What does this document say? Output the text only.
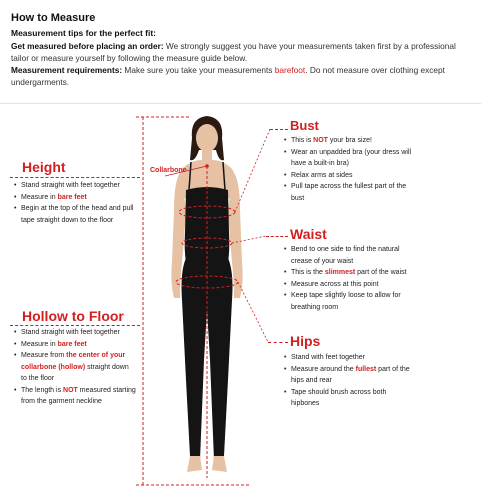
How to Measure
Measurement tips for the perfect fit:

Get measured before placing an order: We strongly suggest you have your measurements taken first by a professional tailor or measure yourself by following the measure guide below.

Measurement requirements: Make sure you take your measurements barefoot. Do not measure over clothing except undergarments.

Collarbone
Height
• Stand straight with feet together
• Measure in bare feet
• Begin at the top of the head and pull tape straight down to the floor
Hollow to Floor
• Stand straight with feet together
• Measure in bare feet
• Measure from the center of your collarbone (hollow) straight down to the floor
• The length is NOT measured starting from the garment neckline
Bust
• This is NOT your bra size!
• Wear an unpadded bra (your dress will have a built-in bra)
• Relax arms at sides
• Pull tape across the fullest part of the bust
Waist
• Bend to one side to find the natural crease of your waist
• This is the slimmest part of the waist
• Measure across at this point
• Keep tape slightly loose to allow for breathing room
Hips
• Stand with feet together
• Measure around the fullest part of the hips and rear
• Tape should brush across both hipbones
